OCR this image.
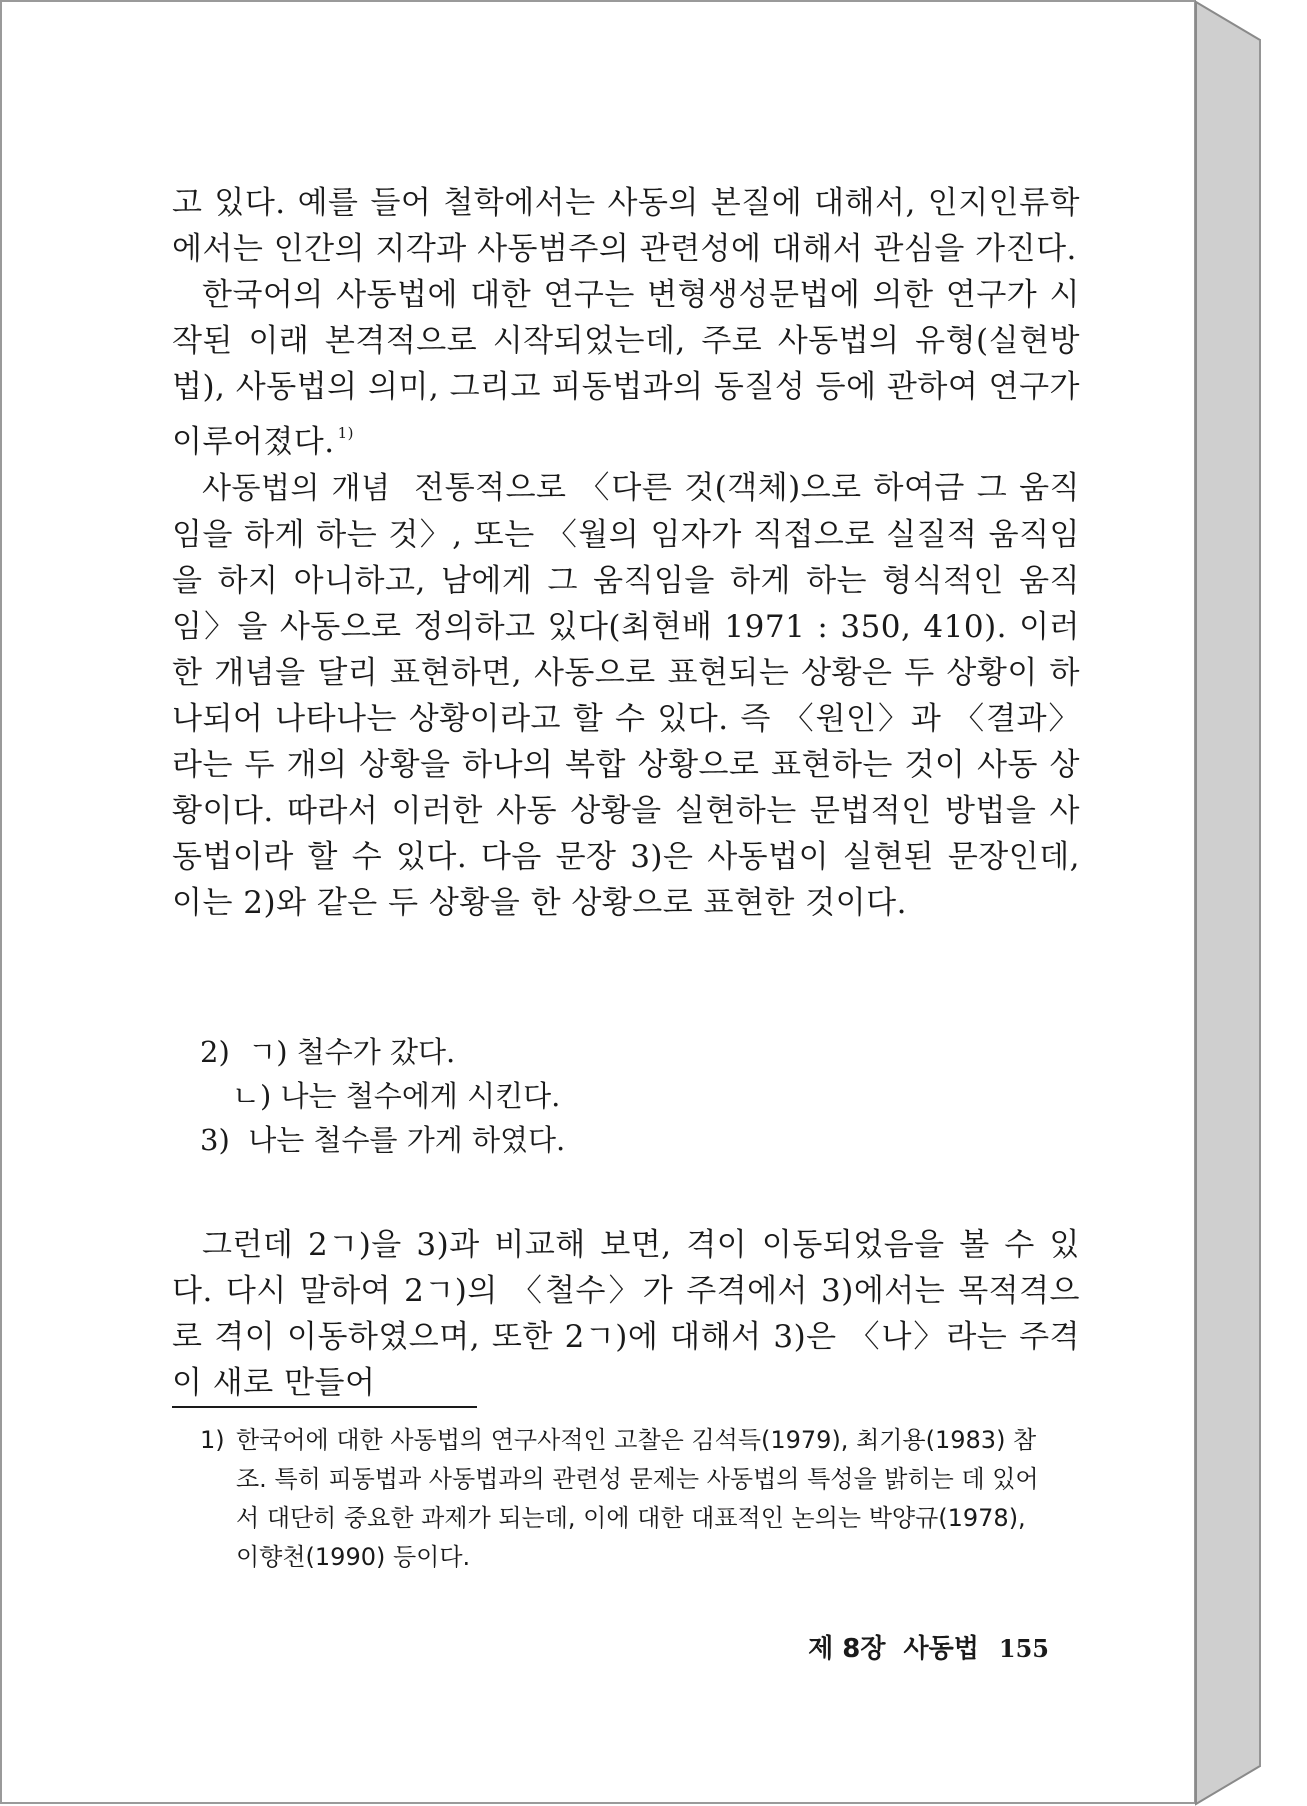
고 있다. 예를 들어 철학에서는 사동의 본질에 대해서, 인지인류학에서는 인간의 지각과 사동범주의 관련성에 대해서 관심을 가진다.

한국어의 사동법에 대한 연구는 변형생성문법에 의한 연구가 시작된 이래 본격적으로 시작되었는데, 주로 사동법의 유형(실현방법), 사동법의 의미, 그리고 피동법과의 동질성 등에 관하여 연구가 이루어졌다. $^{1)}$

사동법의 개념 전통적으로 〈다른 것(객체)으로 하여금 그 움직임을 하게 하는 것〉, 또는 〈월의 임자가 직접으로 실질적 움직임을 하지 아니하고, 남에게 그 움직임을 하게 하는 형식적인 움직임〉을 사동으로 정의하고 있다(최현배 1971 : 350, 410). 이러한 개념을 달리 표현하면, 사동으로 표현되는 상황은 두 상황이 하나되어 나타나는 상황이라고 할 수 있다. 즉 〈원인〉과 〈결과〉라는 두 개의 상황을 하나의 복합 상황으로 표현하는 것이 사동 상황이다. 따라서 이러한 사동 상황을 실현하는 문법적인 방법을 사동법이라 할 수 있다. 다음 문장 3)은 사동법이 실현된 문장인데, 이는 2)와 같은 두 상황을 한 상황으로 표현한 것이다.

2)  ㄱ) 철수가 갔다.
ㄴ) 나는 철수에게 시킨다.
3)  나는 철수를 가게 하였다.

그런데 2ㄱ)을 3)과 비교해 보면, 격이 이동되었음을 볼 수 있다. 다시 말하여 2ㄱ)의 〈철수〉가 주격에서 3)에서는 목적격으로 격이 이동하였으며, 또한 2ㄱ)에 대해서 3)은 〈나〉라는 주격이 새로 만들어

1) 한국어에 대한 사동법의 연구사적인 고찰은 김석득(1979), 최기용(1983) 참
조. 특히 피동법과 사동법과의 관련성 문제는 사동법의 특성을 밝히는 데 있어
서 대단히 중요한 과제가 되는데, 이에 대한 대표적인 논의는 박양규(1978),
이향천(1990) 등이다.
제 8장  사동법 155
